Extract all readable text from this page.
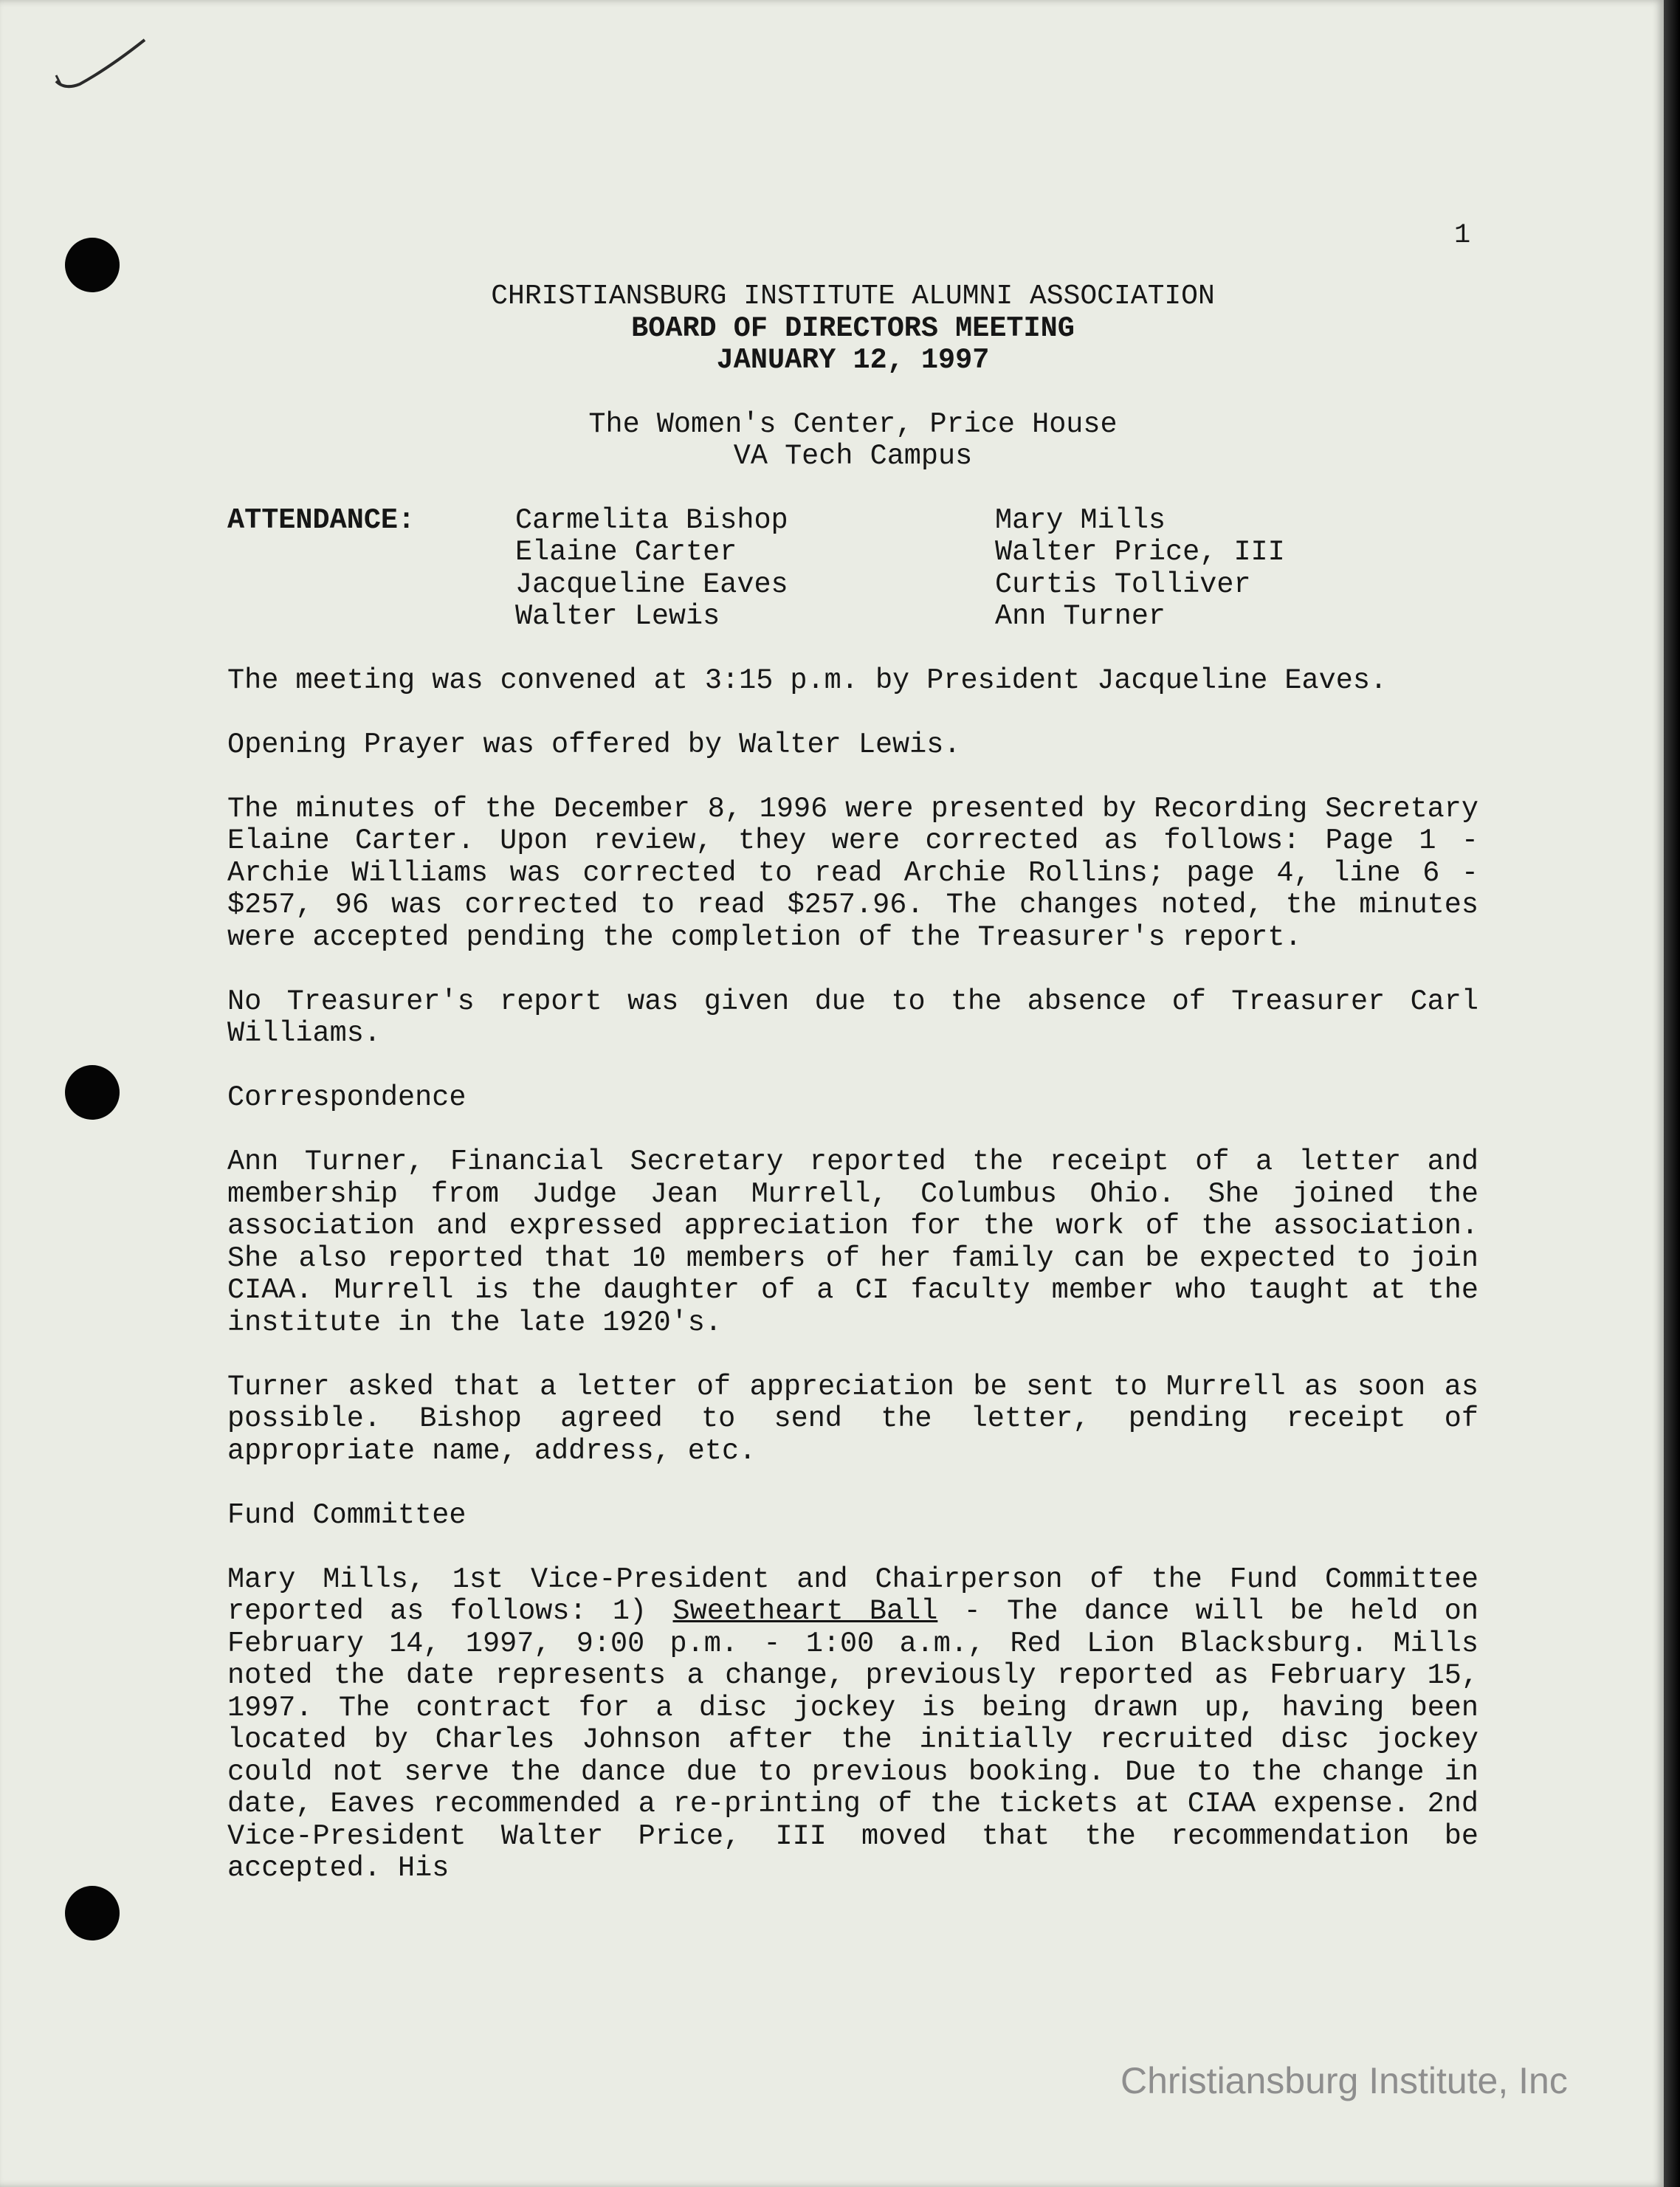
1
CHRISTIANSBURG INSTITUTE ALUMNI ASSOCIATION
BOARD OF DIRECTORS MEETING
JANUARY 12, 1997
The Women's Center, Price House
VA Tech Campus
ATTENDANCE:	Carmelita Bishop
Elaine Carter
Jacqueline Eaves
Walter Lewis
Mary Mills
Walter Price, III
Curtis Tolliver
Ann Turner

The meeting was convened at 3:15 p.m. by President Jacqueline Eaves.

Opening Prayer was offered by Walter Lewis.

The minutes of the December 8, 1996 were presented by Recording Secretary Elaine Carter. Upon review, they were corrected as follows: Page 1 - Archie Williams was corrected to read Archie Rollins; page 4, line 6 - $257, 96 was corrected to read $257.96. The changes noted, the minutes were accepted pending the completion of the Treasurer's report.

No Treasurer's report was given due to the absence of Treasurer Carl Williams.

Correspondence

Ann Turner, Financial Secretary reported the receipt of a letter and membership from Judge Jean Murrell, Columbus Ohio. She joined the association and expressed appreciation for the work of the association. She also reported that 10 members of her family can be expected to join CIAA. Murrell is the daughter of a CI faculty member who taught at the institute in the late 1920's.

Turner asked that a letter of appreciation be sent to Murrell as soon as possible. Bishop agreed to send the letter, pending receipt of appropriate name, address, etc.

Fund Committee

Mary Mills, 1st Vice-President and Chairperson of the Fund Committee reported as follows: 1) Sweetheart Ball - The dance will be held on February 14, 1997, 9:00 p.m. - 1:00 a.m., Red Lion Blacksburg. Mills noted the date represents a change, previously reported as February 15, 1997. The contract for a disc jockey is being drawn up, having been located by Charles Johnson after the initially recruited disc jockey could not serve the dance due to previous booking. Due to the change in date, Eaves recommended a re-printing of the tickets at CIAA expense. 2nd Vice-President Walter Price, III moved that the recommendation be accepted. His

Christiansburg Institute, Inc
